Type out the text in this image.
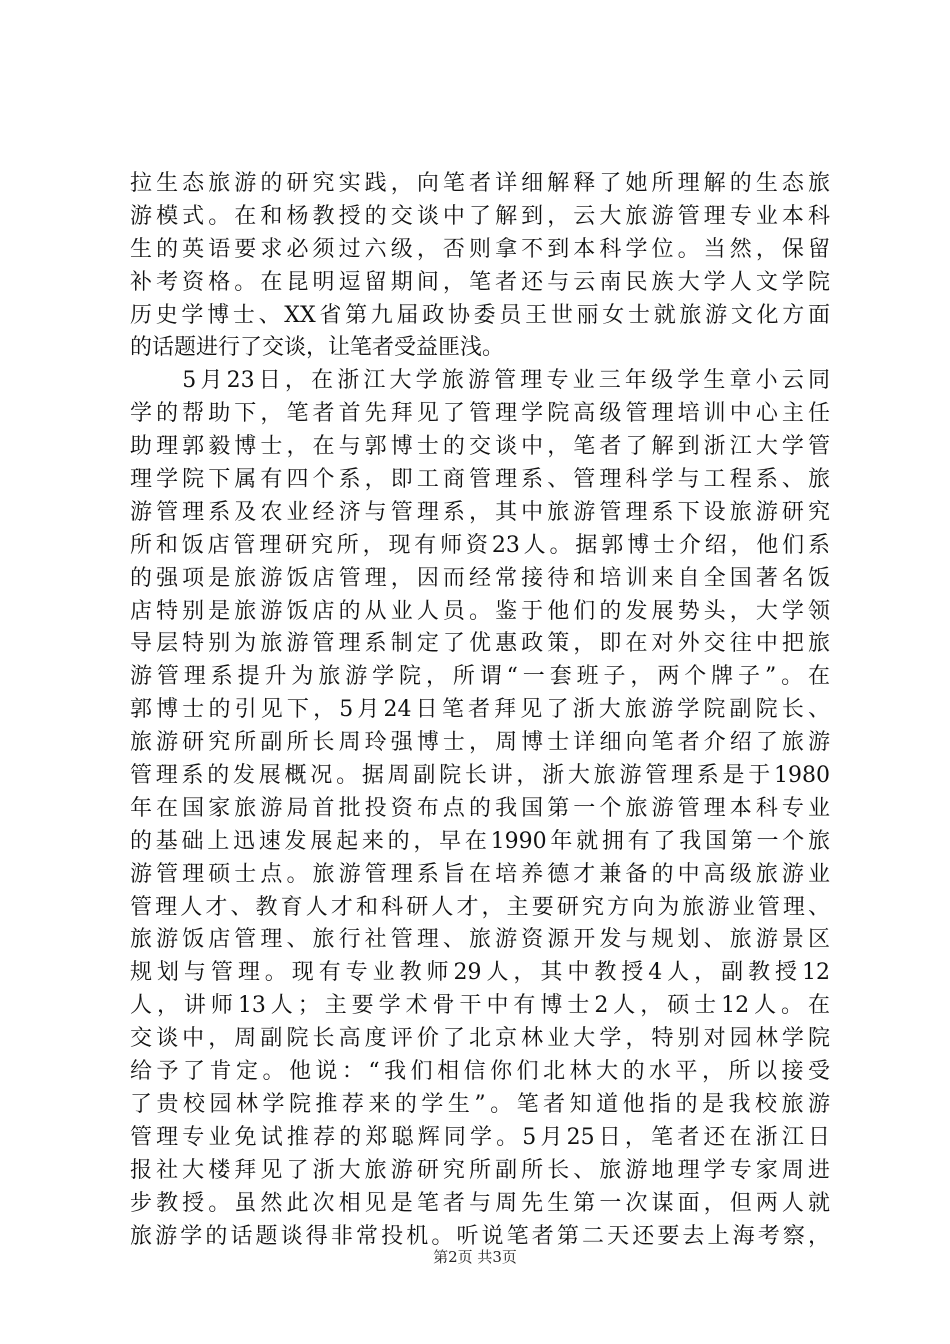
拉生态旅游的研究实践，向笔者详细解释了她所理解的生态旅
游模式。在和杨教授的交谈中了解到，云大旅游管理专业本科
生的英语要求必须过六级，否则拿不到本科学位。当然，保留
补考资格。在昆明逗留期间，笔者还与云南民族大学人文学院
历史学博士、XX省第九届政协委员王世丽女士就旅游文化方面
的话题进行了交谈，让笔者受益匪浅。
　　5月23日，在浙江大学旅游管理专业三年级学生章小云同
学的帮助下，笔者首先拜见了管理学院高级管理培训中心主任
助理郭毅博士，在与郭博士的交谈中，笔者了解到浙江大学管
理学院下属有四个系，即工商管理系、管理科学与工程系、旅
游管理系及农业经济与管理系，其中旅游管理系下设旅游研究
所和饭店管理研究所，现有师资23人。据郭博士介绍，他们系
的强项是旅游饭店管理，因而经常接待和培训来自全国著名饭
店特别是旅游饭店的从业人员。鉴于他们的发展势头，大学领
导层特别为旅游管理系制定了优惠政策，即在对外交往中把旅
游管理系提升为旅游学院，所谓“一套班子，两个牌子”。在
郭博士的引见下，5月24日笔者拜见了浙大旅游学院副院长、
旅游研究所副所长周玲强博士，周博士详细向笔者介绍了旅游
管理系的发展概况。据周副院长讲，浙大旅游管理系是于1980
年在国家旅游局首批投资布点的我国第一个旅游管理本科专业
的基础上迅速发展起来的，早在1990年就拥有了我国第一个旅
游管理硕士点。旅游管理系旨在培养德才兼备的中高级旅游业
管理人才、教育人才和科研人才，主要研究方向为旅游业管理、
旅游饭店管理、旅行社管理、旅游资源开发与规划、旅游景区
规划与管理。现有专业教师29人，其中教授4人，副教授12
人，讲师13人；主要学术骨干中有博士2人，硕士12人。在
交谈中，周副院长高度评价了北京林业大学，特别对园林学院
给予了肯定。他说：“我们相信你们北林大的水平，所以接受
了贵校园林学院推荐来的学生”。笔者知道他指的是我校旅游
管理专业免试推荐的郑聪辉同学。5月25日，笔者还在浙江日
报社大楼拜见了浙大旅游研究所副所长、旅游地理学专家周进
步教授。虽然此次相见是笔者与周先生第一次谋面，但两人就
旅游学的话题谈得非常投机。听说笔者第二天还要去上海考察，
第2页 共3页
